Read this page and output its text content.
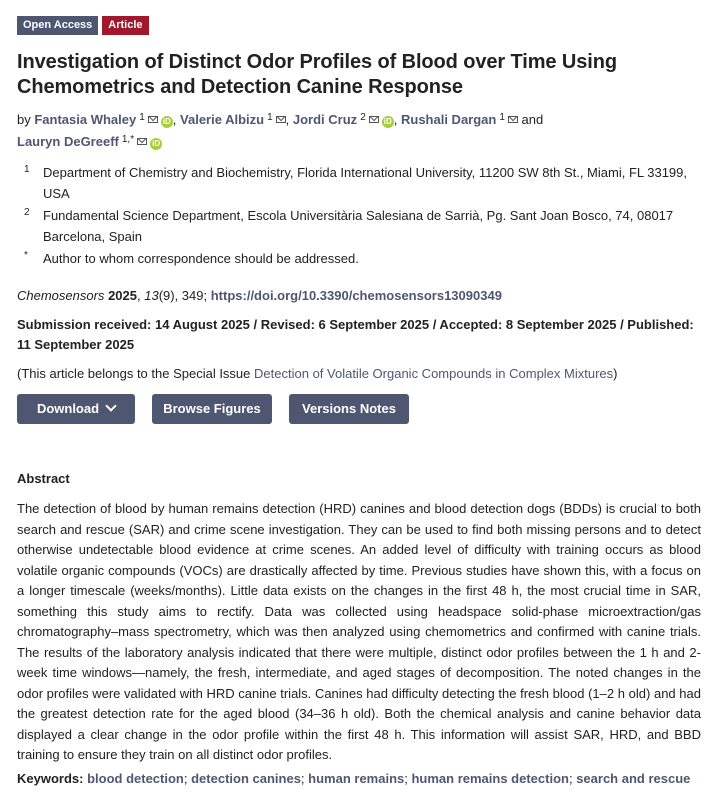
Open Access	Article
Investigation of Distinct Odor Profiles of Blood over Time Using Chemometrics and Detection Canine Response
by Fantasia Whaley $^1$ iD , Valerie Albizu $^1$ , Jordi Cruz $^2$ iD , Rushali Dargan $^1$ and
Lauryn DeGreeff $^{1,*}$ iD
1	Department of Chemistry and Biochemistry, Florida International University, 11200 SW 8th St., Miami, FL 33199, USA
2	Fundamental Science Department, Escola Universitària Salesiana de Sarrià, Pg. Sant Joan Bosco, 74, 08017 Barcelona, Spain
*	Author to whom correspondence should be addressed.
Chemosensors 2025, 13(9), 349; https://doi.org/10.3390/chemosensors13090349
Submission received: 14 August 2025 / Revised: 6 September 2025 / Accepted: 8 September 2025 / Published: 11 September 2025
(This article belongs to the Special Issue Detection of Volatile Organic Compounds in Complex Mixtures)
Download	Browse Figures	Versions Notes
Abstract
The detection of blood by human remains detection (HRD) canines and blood detection dogs (BDDs) is crucial to both search and rescue (SAR) and crime scene investigation. They can be used to find both missing persons and to detect otherwise undetectable blood evidence at crime scenes. An added level of difficulty with training occurs as blood volatile organic compounds (VOCs) are drastically affected by time. Previous studies have shown this, with a focus on a longer timescale (weeks/months). Little data exists on the changes in the first 48 h, the most crucial time in SAR, something this study aims to rectify. Data was collected using headspace solid-phase microextraction/gas chromatography–mass spectrometry, which was then analyzed using chemometrics and confirmed with canine trials. The results of the laboratory analysis indicated that there were multiple, distinct odor profiles between the 1 h and 2-week time windows—namely, the fresh, intermediate, and aged stages of decomposition. The noted changes in the odor profiles were validated with HRD canine trials. Canines had difficulty detecting the fresh blood (1–2 h old) and had the greatest detection rate for the aged blood (34–36 h old). Both the chemical analysis and canine behavior data displayed a clear change in the odor profile within the first 48 h. This information will assist SAR, HRD, and BBD training to ensure they train on all distinct odor profiles.
Keywords: blood detection; detection canines; human remains; human remains detection; search and rescue
